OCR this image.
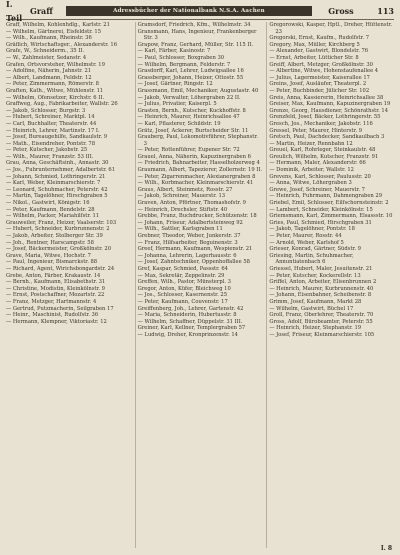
I. Teil
Graff	Adressbücher der Nationalbank N.S.A. Aachen	Gross	113
Graff, Wilhelm, Kohlenhdlg., Karlstr. 21
— Wilhelm, Gärtnerei, Eisfeldstr. 15
— Wilh., Kaufmann, Rheinstr. 36
Gräflich, Wirtschaftsger., Alexanderstr. 16
Grafe, W., Schneiderm., 35 II.
— W., Zahlmeister, Sedanstr. 4
Grafen, Ortsvorsteher, Wilhelmstr. 19
— Adolfine, Näherin, Jahnstr. 21
— Albert, Landmann, Feldstr. 12
— Peter, Zimmermann, Römerstr. 8
Graften, Kath., Witwe, Mühlenstr. 11
— Wilhelm, Ofensetzer, Kirchstr. 6 II.
Graffweg, Aug., Fabrikarbeiter, Wallstr. 26
— Jakob, Schlosser, Burgstr. 3
— Hubert, Schreiner, Marktpl. 14
— Carl, Buchhalter, Theaterstr. 44
— Heinrich, Lehrer, Martinstr. 17 I.
— Josef, Bureaugehilfe, Sandkaulstr. 9
— Math., Eisendreher, Pontstr. 78
— Peter, Kutscher, Jakobstr. 25
— Wilh., Maurer, Franzstr. 53 III.
Grau, Anna, Geschäftsinh., Annastr. 30
— Jos., Fuhrunternehmer, Adalbertstr. 61
— Johann, Schmied, Lothringerstr. 21
— Karl, Weber, Kleinmarschierstr. 7
— Leonard, Schuhmacher, Peterstr. 42
— Martin, Tagelöhner, Hirschgraben 5
— Nikol., Gastwirt, Königstr. 16
— Peter, Kaufmann, Bendelstr. 28
— Wilhelm, Packer, Mariahilfstr. 11
Grauweiler, Franz, Heizer, Vaalserstr. 103
— Hubert, Schneider, Kurbrunnenstr. 2
— Jakob, Arbeiter, Stolberger Str. 39
— Joh., Rentner, Harscampstr. 58
— Josef, Bäckermeister, Großkölnstr. 20
Grave, Maria, Witwe, Hochstr. 7
— Paul, Ingenieur, Bismarckstr. 88
— Richard, Agent, Wirichsbongardstr. 24
Grebe, Anton, Färber, Krakaustr. 14
— Bernh., Kaufmann, Elisabethstr. 31
— Christine, Modistin, Kleinkölnstr. 9
— Ernst, Postschaffner, Mozartstr. 22
— Franz, Metzger, Hartmannstr. 4
— Gertrud, Putzmacherin, Seilgraben 17
— Heinr., Maschinist, Rudolfstr. 36
— Hermann, Klempner, Viktoriastr. 12
Gramsdorf, Friedrich, Kfm., Wilhelmstr. 34
Gransmann, Hans, Ingenieur, Frankenberger Str. 3
Grapow, Franz, Gerhard, Müller, Str. 115 II.
— Karl, Färber, Kasinostr. 7
— Paul, Schlosser, Boxgraben 30
— Wilhelm, Bergmann, Felderstr. 7
Grasdorff, Karl, Lehrer, Ludwigsallee 16
Grassberger, Johann, Heizer, Ottostr. 55
— Josef, Gärtner, Ringstr. 12
Grassmann, Emil, Mechaniker, Augustastr. 40
— Jakob, Verwalter, Löhergraben 22 II.
— Julius, Privatier, Kaiserpl. 5
Grasten, Bernh., Kutscher, Kuckhoffstr. 8
— Heinrich, Maurer, Heinrichsallee 47
— Karl, Pflasterer, Schildstr. 19
Grätz, Josef, Ackerer, Burtscheider Str. 11
Grauberg, Paul, Lokomotivführer, Stephanstr. 3
— Peter, Rottenführer, Eupener Str. 72
Grauel, Anna, Näherin, Kapuzinergraben 6
— Friedrich, Bahnarbeiter, Hasselholzerweg 4
Graumann, Albert, Tapezierer, Zollernstr. 19 II.
— Peter, Zigarrenmacher, Alexianergraben 8
— Wilh., Korbmacher, Kleinmarschierstr. 41
Graus, Albert, Steinmetz, Rosstr. 27
— Jakob, Schreiner, Mauerstr. 13
Graven, Anton, Pförtner, Thomashofstr. 9
— Heinrich, Drechsler, Stiftstr. 40
Grebbe, Franz, Buchdrucker, Schützenstr. 18
— Johann, Friseur, Adalbertsteinweg 92
— Wilh., Sattler, Karlsgraben 11
Grebner, Theodor, Weber, Junkerstr. 37
— Franz, Hilfsarbeiter, Beguinenstr. 3
Greef, Hermann, Kaufmann, Wespienstr. 21
— Johanna, Lehrerin, Lagerhausstr. 6
— Josef, Zahntechniker, Oppenhoffallee 58
Gref, Kaspar, Schmied, Passstr. 64
— Max, Sekretär, Zeppelinstr. 29
Greffen, Wilh., Pastor, Münsterpl. 3
Gregor, Anton, Küfer, Bleichweg 10
— Jos., Schlosser, Kasernenstr. 25
— Peter, Kaufmann, Couvenstr. 17
Greiffenberg, Joh., Lehrer, Gartenstr. 42
— Maria, Schneiderin, Hubertusstr. 8
— Wilhelm, Schaffner, Düppelstr. 31 III.
Greiner, Karl, Kellner, Templergraben 57
— Ludwig, Dreher, Kronprinzenstr. 14
Gregorowski, Kasper, Hptl., Dreher, Hüttenstr. 23
Gregorski, Ernst, Kaufm., Rudolfstr. 7
Gregory, Max, Müller, Kirchberg 5
— Alexander, Gastwirt, Blondelstr. 76
— Ernst, Arbeiter, Lütticher Str. 8
Greiff, Albert, Metzger, Großkölnstr. 30
— Albertine, Witwe, Hohenstaufenallee 4
— Julius, Lagermeister, Kaiserallee 17
Greins, Josef, Ausläufer, Theaterpl. 2
— Peter, Buchbinder, Jülicher Str. 102
Greis, Anna, Kassiererin, Heinrichsallee 38
Greiser, Max, Kaufmann, Kapuzinergraben 19
Grenze, Georg, Hausdiener, Schönrathstr. 14
Grenzfeld, Josef, Bäcker, Lothringerstr. 55
Gresch, Jos., Mechaniker, Jakobstr. 116
Gressel, Peter, Maurer, Hinterstr. 9
Gretsch, Paul, Dachdecker, Sandkaulbach 3
— Martin, Heizer, Rennbahn 12
Greuel, Karl, Rohrleger, Steinkaulstr. 48
Greulich, Wilhelm, Kutscher, Franzstr. 91
— Hermann, Maler, Alexanderstr. 66
— Dominik, Arbeiter, Wallstr. 12
Grevens, Karl, Schlosser, Paulusstr. 20
— Anna, Witwe, Löhergraben 3
Grewe, Josef, Schreiner, Mauerstr. 7
— Heinrich, Fuhrmann, Dahmengraben 29
Griebel, Emil, Schlosser, Eilfschornsteinstr. 2
— Lambert, Schneider, Kleinkölnstr. 15
Griemsmann, Karl, Zimmermann, Elsassstr. 10
Gries, Paul, Schmied, Hirschgraben 31
— Jakob, Tagelöhner, Pontstr. 18
— Peter, Maurer, Rosstr. 44
— Arnold, Weber, Karlshof 5
Grieser, Konrad, Gärtner, Südstr. 9
Griesing, Martin, Schuhmacher, Annuntiatenbach 6
Griessel, Hubert, Maler, Jesuitenstr. 21
— Peter, Kutscher, Kockerellstr. 13
Griffel, Anton, Arbeiter, Elisenbrunnen 2
— Heinrich, Maurer, Kurbrunnenstr. 40
— Johann, Eisenbahner, Scheibenstr. 8
Grimm, Josef, Kaufmann, Markt 28
— Wilhelm, Gastwirt, Büchel 17
Groll, Franz, Oberlehrer, Theaterstr. 70
Gross, Adolf, Bürobeamter, Peterstr. 55
— Heinrich, Heizer, Stephanstr. 19
— Josef, Friseur, Kleinmarschierstr. 105
I. 8
